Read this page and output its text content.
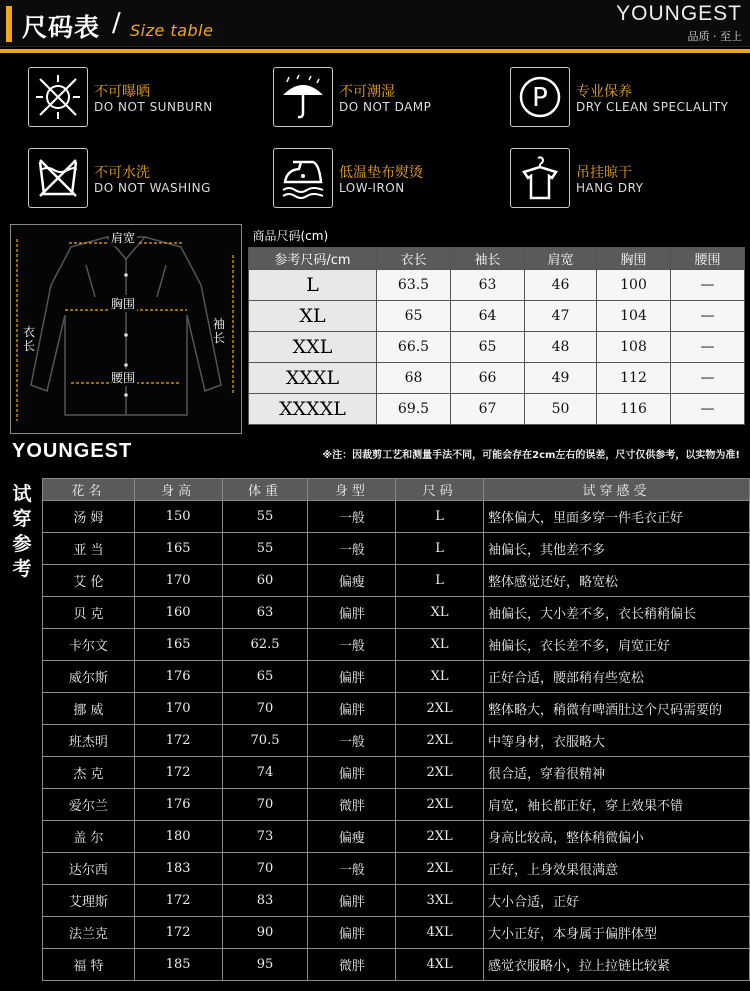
尺码表 / Size table
YOUNGEST
品质 · 至上
不可曝晒
DO NOT SUNBURN
不可潮湿
DO NOT DAMP	P 专业保养
DRY CLEAN SPECLALITY
不可水洗
DO NOT WASHING
低温垫布熨烫
LOW-IRON
吊挂晾干
HANG DRY
肩宽
胸围
腰围
衣长
袖长
商品尺码(cm)					
参考尺码/cm	衣长	袖长	肩宽	胸围	腰围
L	63.5	63	46	100	—
XL	65	64	47	104	—
XXL	66.5	65	48	108	—
XXXL	68	66	49	112	—
XXXXL	69.5	67	50	116	—
YOUNGEST	※注：因裁剪工艺和测量手法不同，可能会存在2cm左右的误差，尺寸仅供参考，以实物为准!
试
穿
参
考
花名	身高	体重	身型	尺码	试穿感受
汤 姆	150	55	一般	L	整体偏大，里面多穿一件毛衣正好
亚 当	165	55	一般	L	袖偏长，其他差不多
艾 伦	170	60	偏瘦	L	整体感觉还好，略宽松
贝 克	160	63	偏胖	XL	袖偏长，大小差不多，衣长稍稍偏长
卡尔文	165	62.5	一般	XL	袖偏长，衣长差不多，肩宽正好
威尔斯	176	65	偏胖	XL	正好合适，腰部稍有些宽松
挪 威	170	70	偏胖	2XL	整体略大，稍微有啤酒肚这个尺码需要的
班杰明	172	70.5	一般	2XL	中等身材，衣服略大
杰 克	172	74	偏胖	2XL	很合适，穿着很精神
爱尔兰	176	70	微胖	2XL	肩宽，袖长都正好，穿上效果不错
盖 尔	180	73	偏瘦	2XL	身高比较高，整体稍微偏小
达尔西	183	70	一般	2XL	正好，上身效果很满意
艾理斯	172	83	偏胖	3XL	大小合适，正好
法兰克	172	90	偏胖	4XL	大小正好，本身属于偏胖体型
福 特	185	95	微胖	4XL	感觉衣服略小，拉上拉链比较紧
